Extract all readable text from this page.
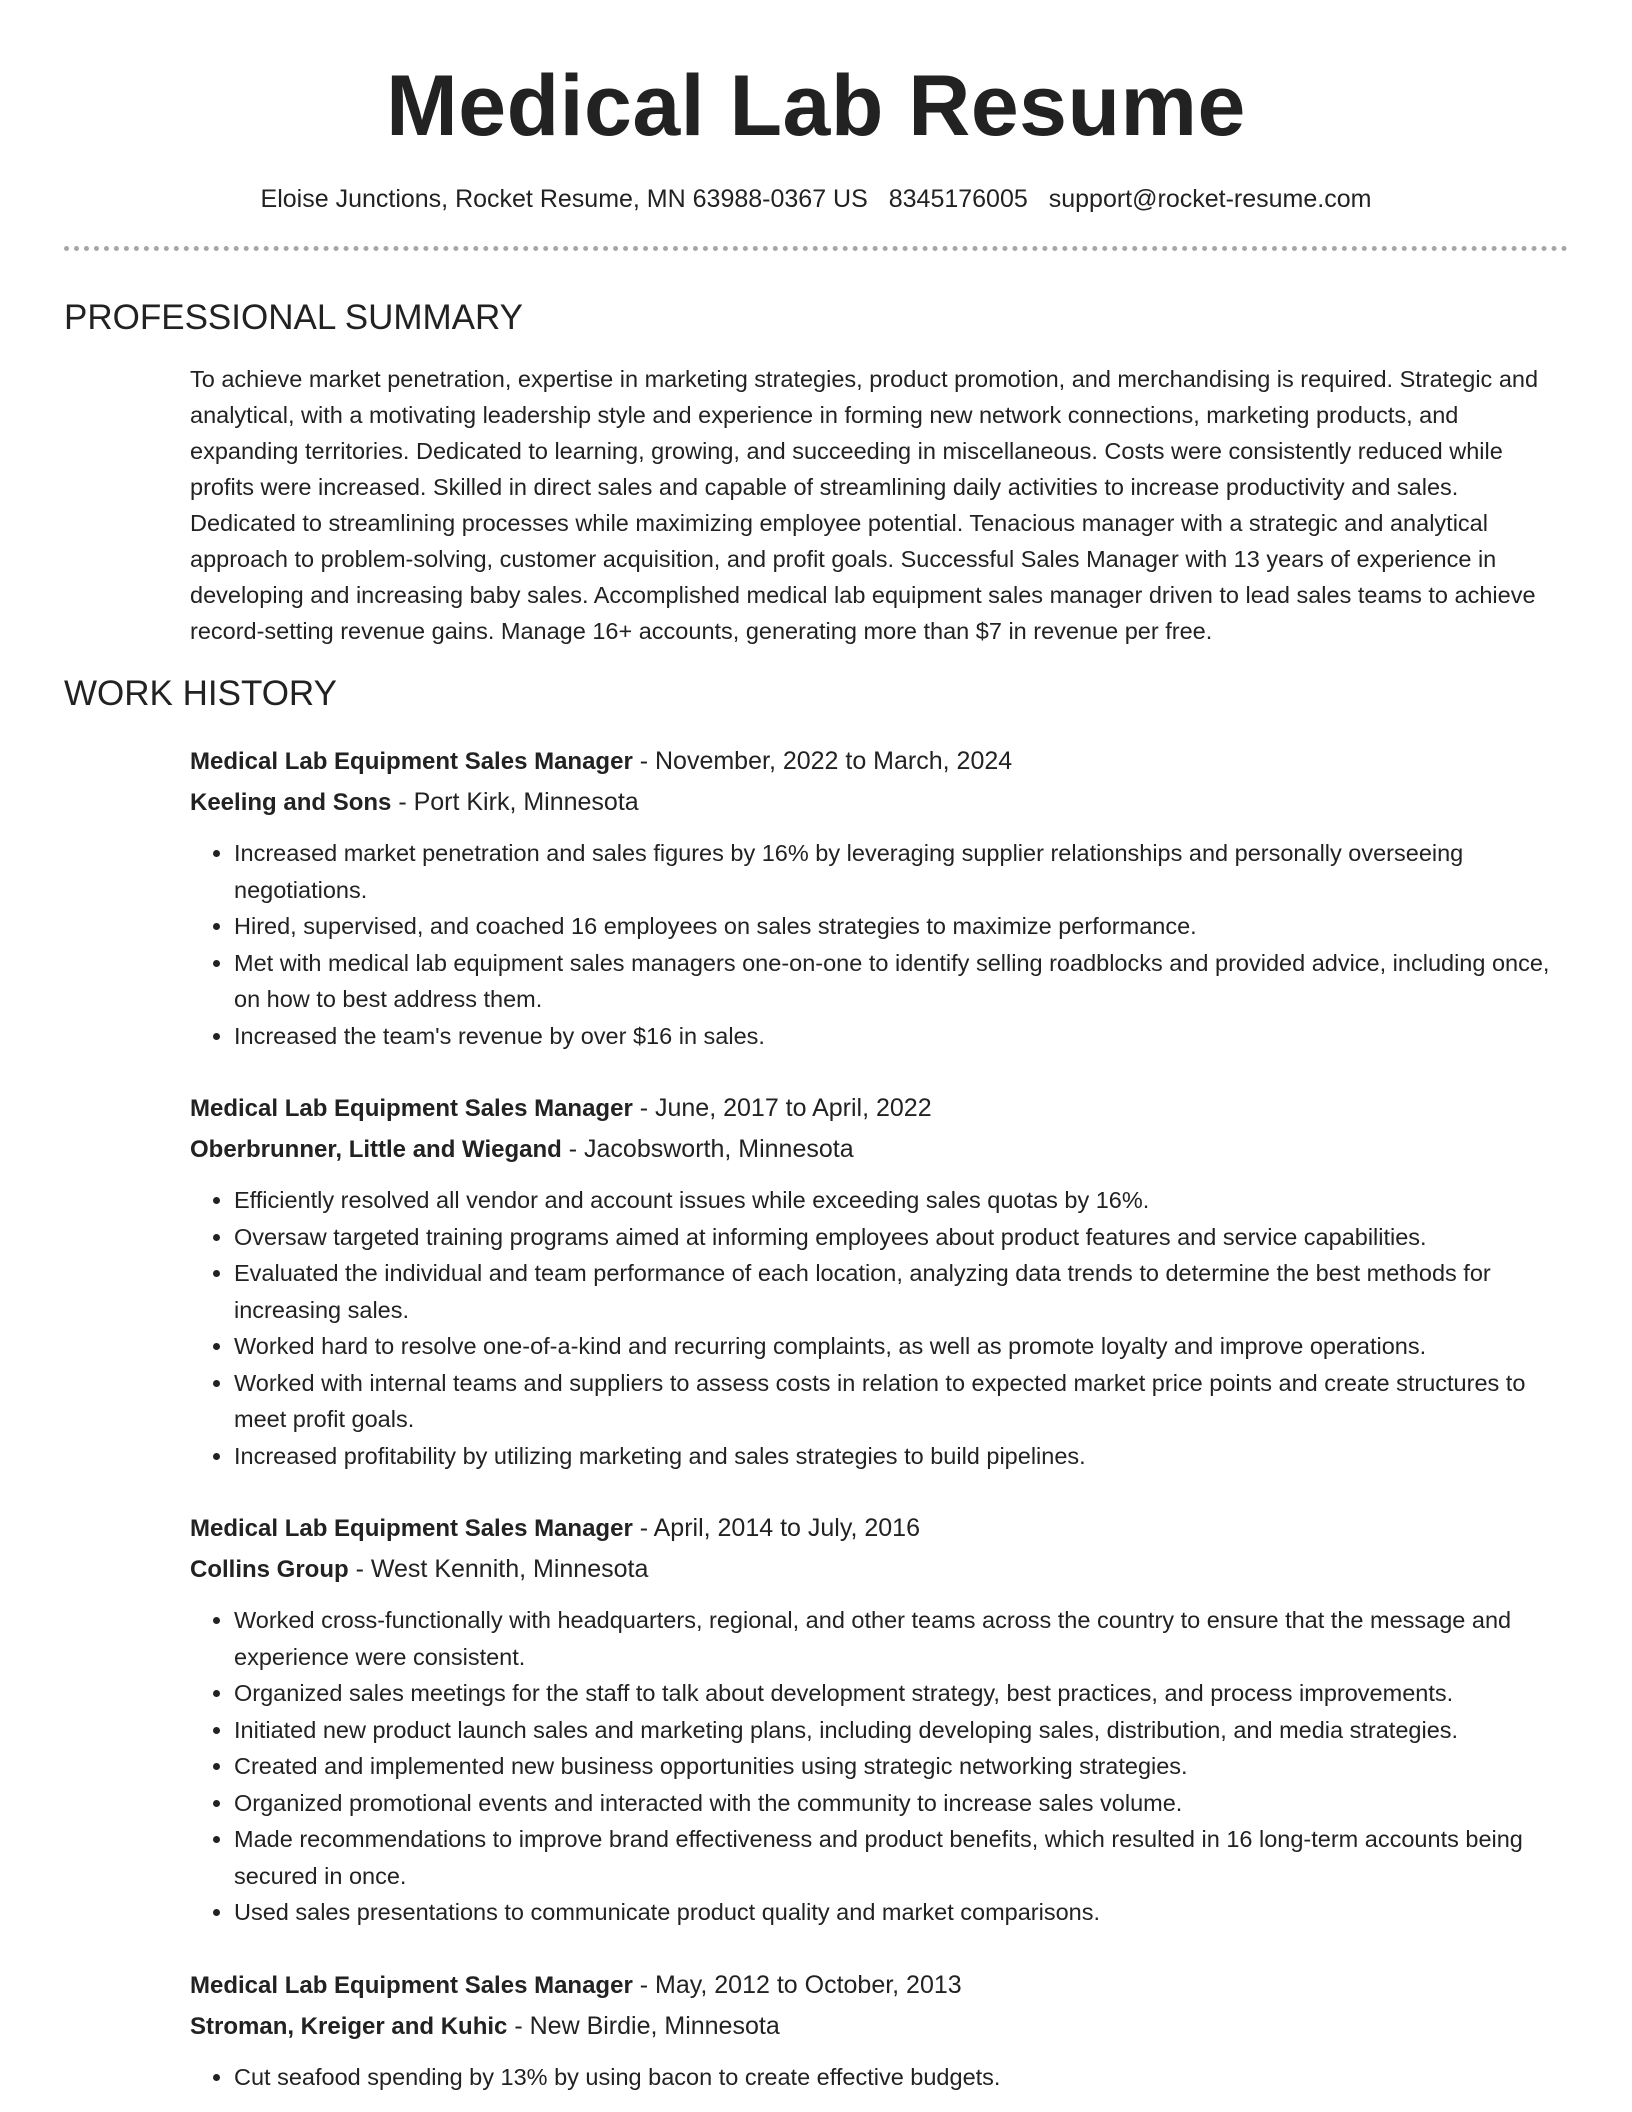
Medical Lab Resume
Eloise Junctions, Rocket Resume, MN 63988-0367 US 8345176005 support@rocket-resume.com
PROFESSIONAL SUMMARY

To achieve market penetration, expertise in marketing strategies, product promotion, and merchandising is required. Strategic and analytical, with a motivating leadership style and experience in forming new network connections, marketing products, and expanding territories. Dedicated to learning, growing, and succeeding in miscellaneous. Costs were consistently reduced while profits were increased. Skilled in direct sales and capable of streamlining daily activities to increase productivity and sales. Dedicated to streamlining processes while maximizing employee potential. Tenacious manager with a strategic and analytical approach to problem-solving, customer acquisition, and profit goals. Successful Sales Manager with 13 years of experience in developing and increasing baby sales. Accomplished medical lab equipment sales manager driven to lead sales teams to achieve record-setting revenue gains. Manage 16+ accounts, generating more than $7 in revenue per free.

WORK HISTORY
Medical Lab Equipment Sales Manager - November, 2022 to March, 2024
Keeling and Sons - Port Kirk, Minnesota
• Increased market penetration and sales figures by 16% by leveraging supplier relationships and personally overseeing negotiations.
• Hired, supervised, and coached 16 employees on sales strategies to maximize performance.
• Met with medical lab equipment sales managers one-on-one to identify selling roadblocks and provided advice, including once, on how to best address them.
• Increased the team's revenue by over $16 in sales.
Medical Lab Equipment Sales Manager - June, 2017 to April, 2022
Oberbrunner, Little and Wiegand - Jacobsworth, Minnesota
• Efficiently resolved all vendor and account issues while exceeding sales quotas by 16%.
• Oversaw targeted training programs aimed at informing employees about product features and service capabilities.
• Evaluated the individual and team performance of each location, analyzing data trends to determine the best methods for increasing sales.
• Worked hard to resolve one-of-a-kind and recurring complaints, as well as promote loyalty and improve operations.
• Worked with internal teams and suppliers to assess costs in relation to expected market price points and create structures to meet profit goals.
• Increased profitability by utilizing marketing and sales strategies to build pipelines.
Medical Lab Equipment Sales Manager - April, 2014 to July, 2016
Collins Group - West Kennith, Minnesota
• Worked cross-functionally with headquarters, regional, and other teams across the country to ensure that the message and experience were consistent.
• Organized sales meetings for the staff to talk about development strategy, best practices, and process improvements.
• Initiated new product launch sales and marketing plans, including developing sales, distribution, and media strategies.
• Created and implemented new business opportunities using strategic networking strategies.
• Organized promotional events and interacted with the community to increase sales volume.
• Made recommendations to improve brand effectiveness and product benefits, which resulted in 16 long-term accounts being secured in once.
• Used sales presentations to communicate product quality and market comparisons.
Medical Lab Equipment Sales Manager - May, 2012 to October, 2013
Stroman, Kreiger and Kuhic - New Birdie, Minnesota
• Cut seafood spending by 13% by using bacon to create effective budgets.
